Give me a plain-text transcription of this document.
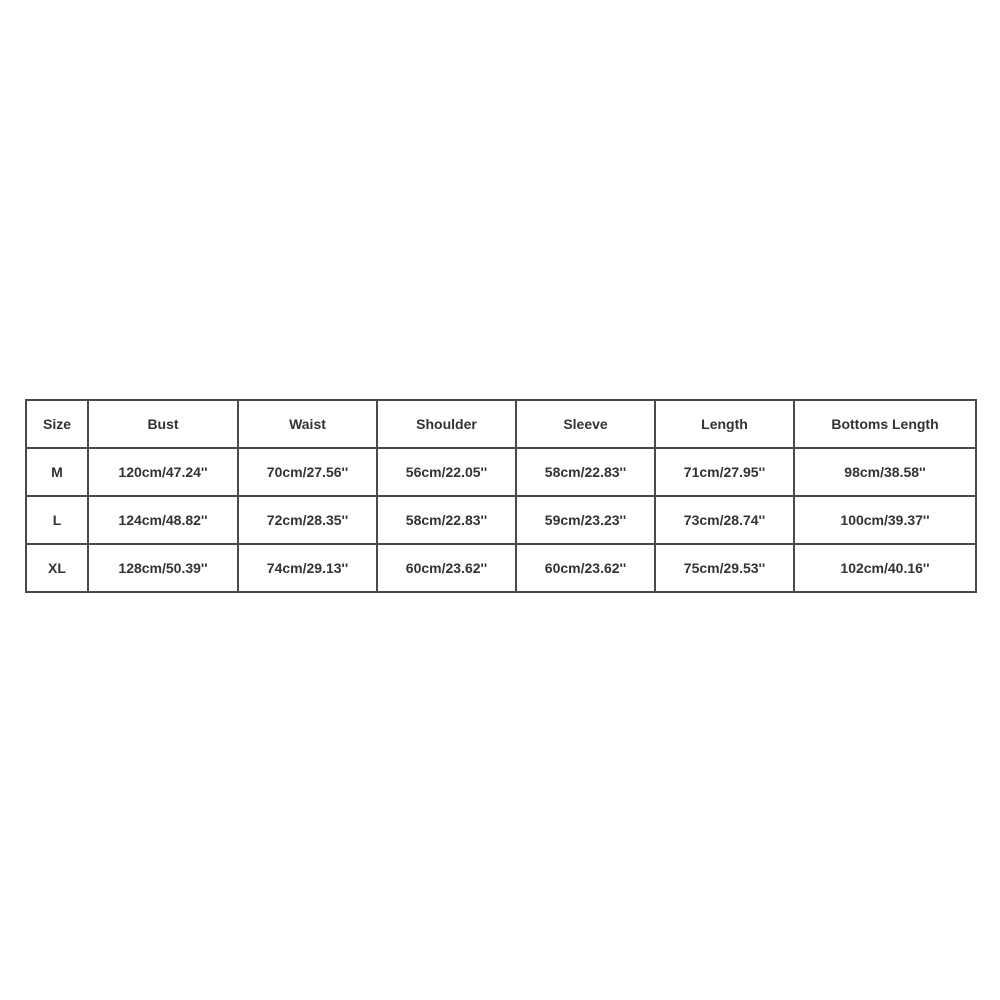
Size	Bust	Waist	Shoulder	Sleeve	Length	Bottoms Length
M	120cm/47.24''	70cm/27.56''	56cm/22.05''	58cm/22.83''	71cm/27.95''	98cm/38.58''
L	124cm/48.82''	72cm/28.35''	58cm/22.83''	59cm/23.23''	73cm/28.74''	100cm/39.37''
XL	128cm/50.39''	74cm/29.13''	60cm/23.62''	60cm/23.62''	75cm/29.53''	102cm/40.16''
